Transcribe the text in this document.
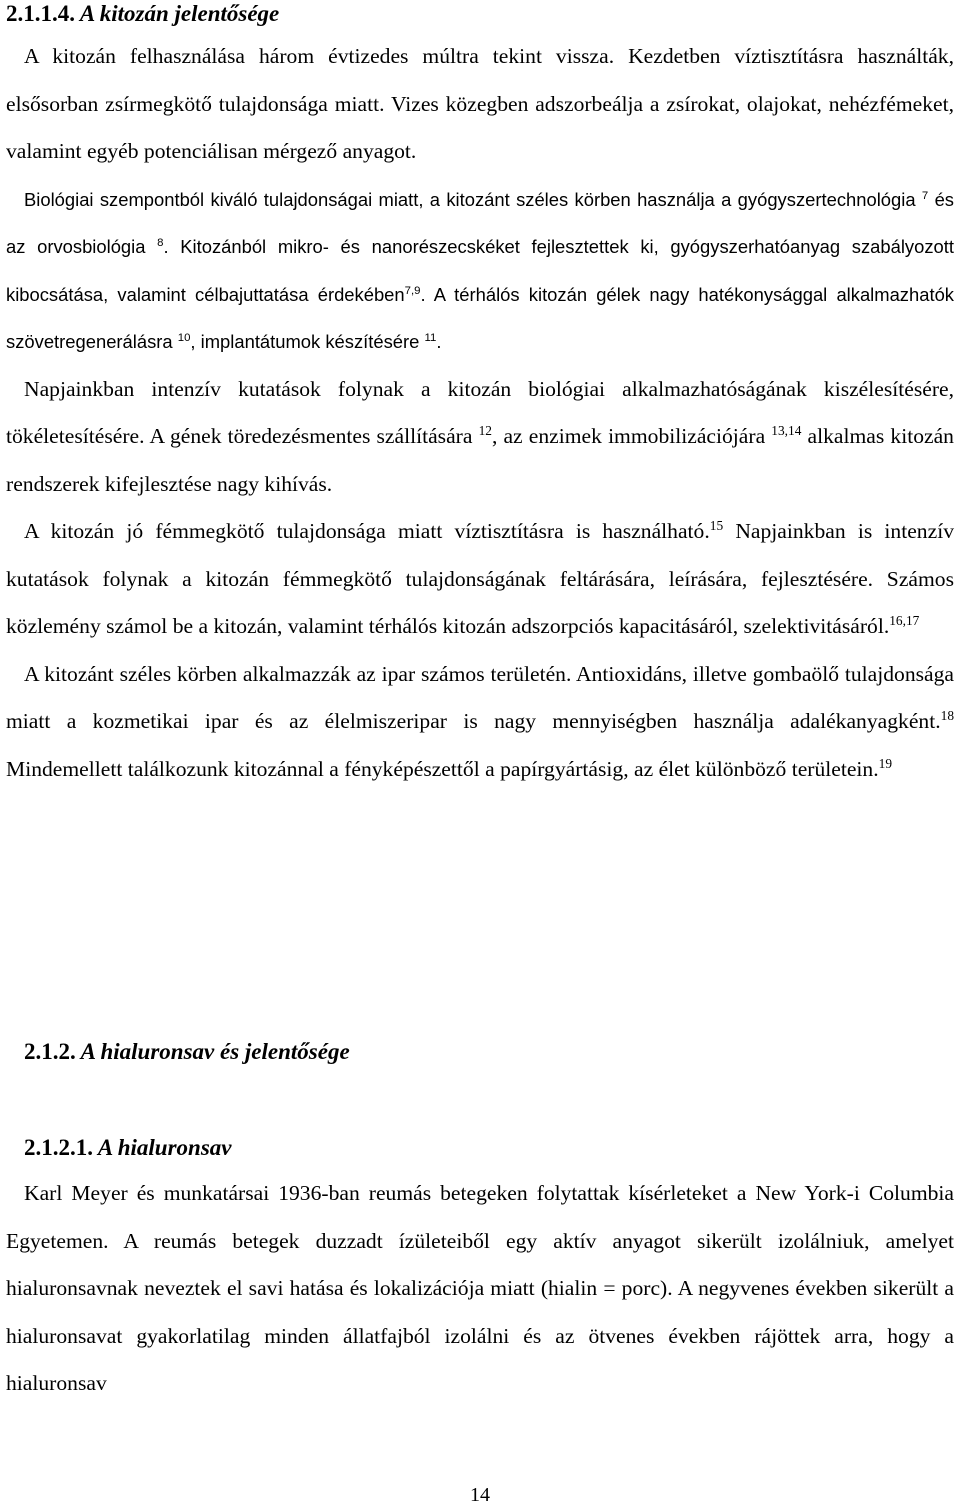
2.1.1.4. A kitozán jelentősége

A kitozán felhasználása három évtizedes múltra tekint vissza. Kezdetben víztisztításra használták, elsősorban zsírmegkötő tulajdonsága miatt. Vizes közegben adszorbeálja a zsírokat, olajokat, nehézfémeket, valamint egyéb potenciálisan mérgező anyagot.

Biológiai szempontból kiváló tulajdonságai miatt, a kitozánt széles körben használja a gyógyszertechnológia $^7$ és az orvosbiológia $^8$. Kitozánból mikro- és nanorészecskéket fejlesztettek ki, gyógyszerhatóanyag szabályozott kibocsátása, valamint célbajuttatása érdekében$^{7,9}$. A térhálós kitozán gélek nagy hatékonysággal alkalmazhatók szövetregenerálásra $^{10}$, implantátumok készítésére $^{11}$.

Napjainkban intenzív kutatások folynak a kitozán biológiai alkalmazhatóságának kiszélesítésére, tökéletesítésére. A gének töredezésmentes szállítására $^{12}$, az enzimek immobilizációjára $^{13,14}$ alkalmas kitozán rendszerek kifejlesztése nagy kihívás.

A kitozán jó fémmegkötő tulajdonsága miatt víztisztításra is használható.$^{15}$ Napjainkban is intenzív kutatások folynak a kitozán fémmegkötő tulajdonságának feltárására, leírására, fejlesztésére. Számos közlemény számol be a kitozán, valamint térhálós kitozán adszorpciós kapacitásáról, szelektivitásáról.$^{16,17}$

A kitozánt széles körben alkalmazzák az ipar számos területén. Antioxidáns, illetve gombaölő tulajdonsága miatt a kozmetikai ipar és az élelmiszeripar is nagy mennyiségben használja adalékanyagként.$^{18}$ Mindemellett találkozunk kitozánnal a fényképészettől a papírgyártásig, az élet különböző területein.$^{19}$

2.1.2. A hialuronsav és jelentősége
2.1.2.1. A hialuronsav

Karl Meyer és munkatársai 1936-ban reumás betegeken folytattak kísérleteket a New York-i Columbia Egyetemen. A reumás betegek duzzadt ízületeiből egy aktív anyagot sikerült izolálniuk, amelyet hialuronsavnak neveztek el savi hatása és lokalizációja miatt (hialin = porc). A negyvenes években sikerült a hialuronsavat gyakorlatilag minden állatfajból izolálni és az ötvenes években rájöttek arra, hogy a hialuronsav

14
